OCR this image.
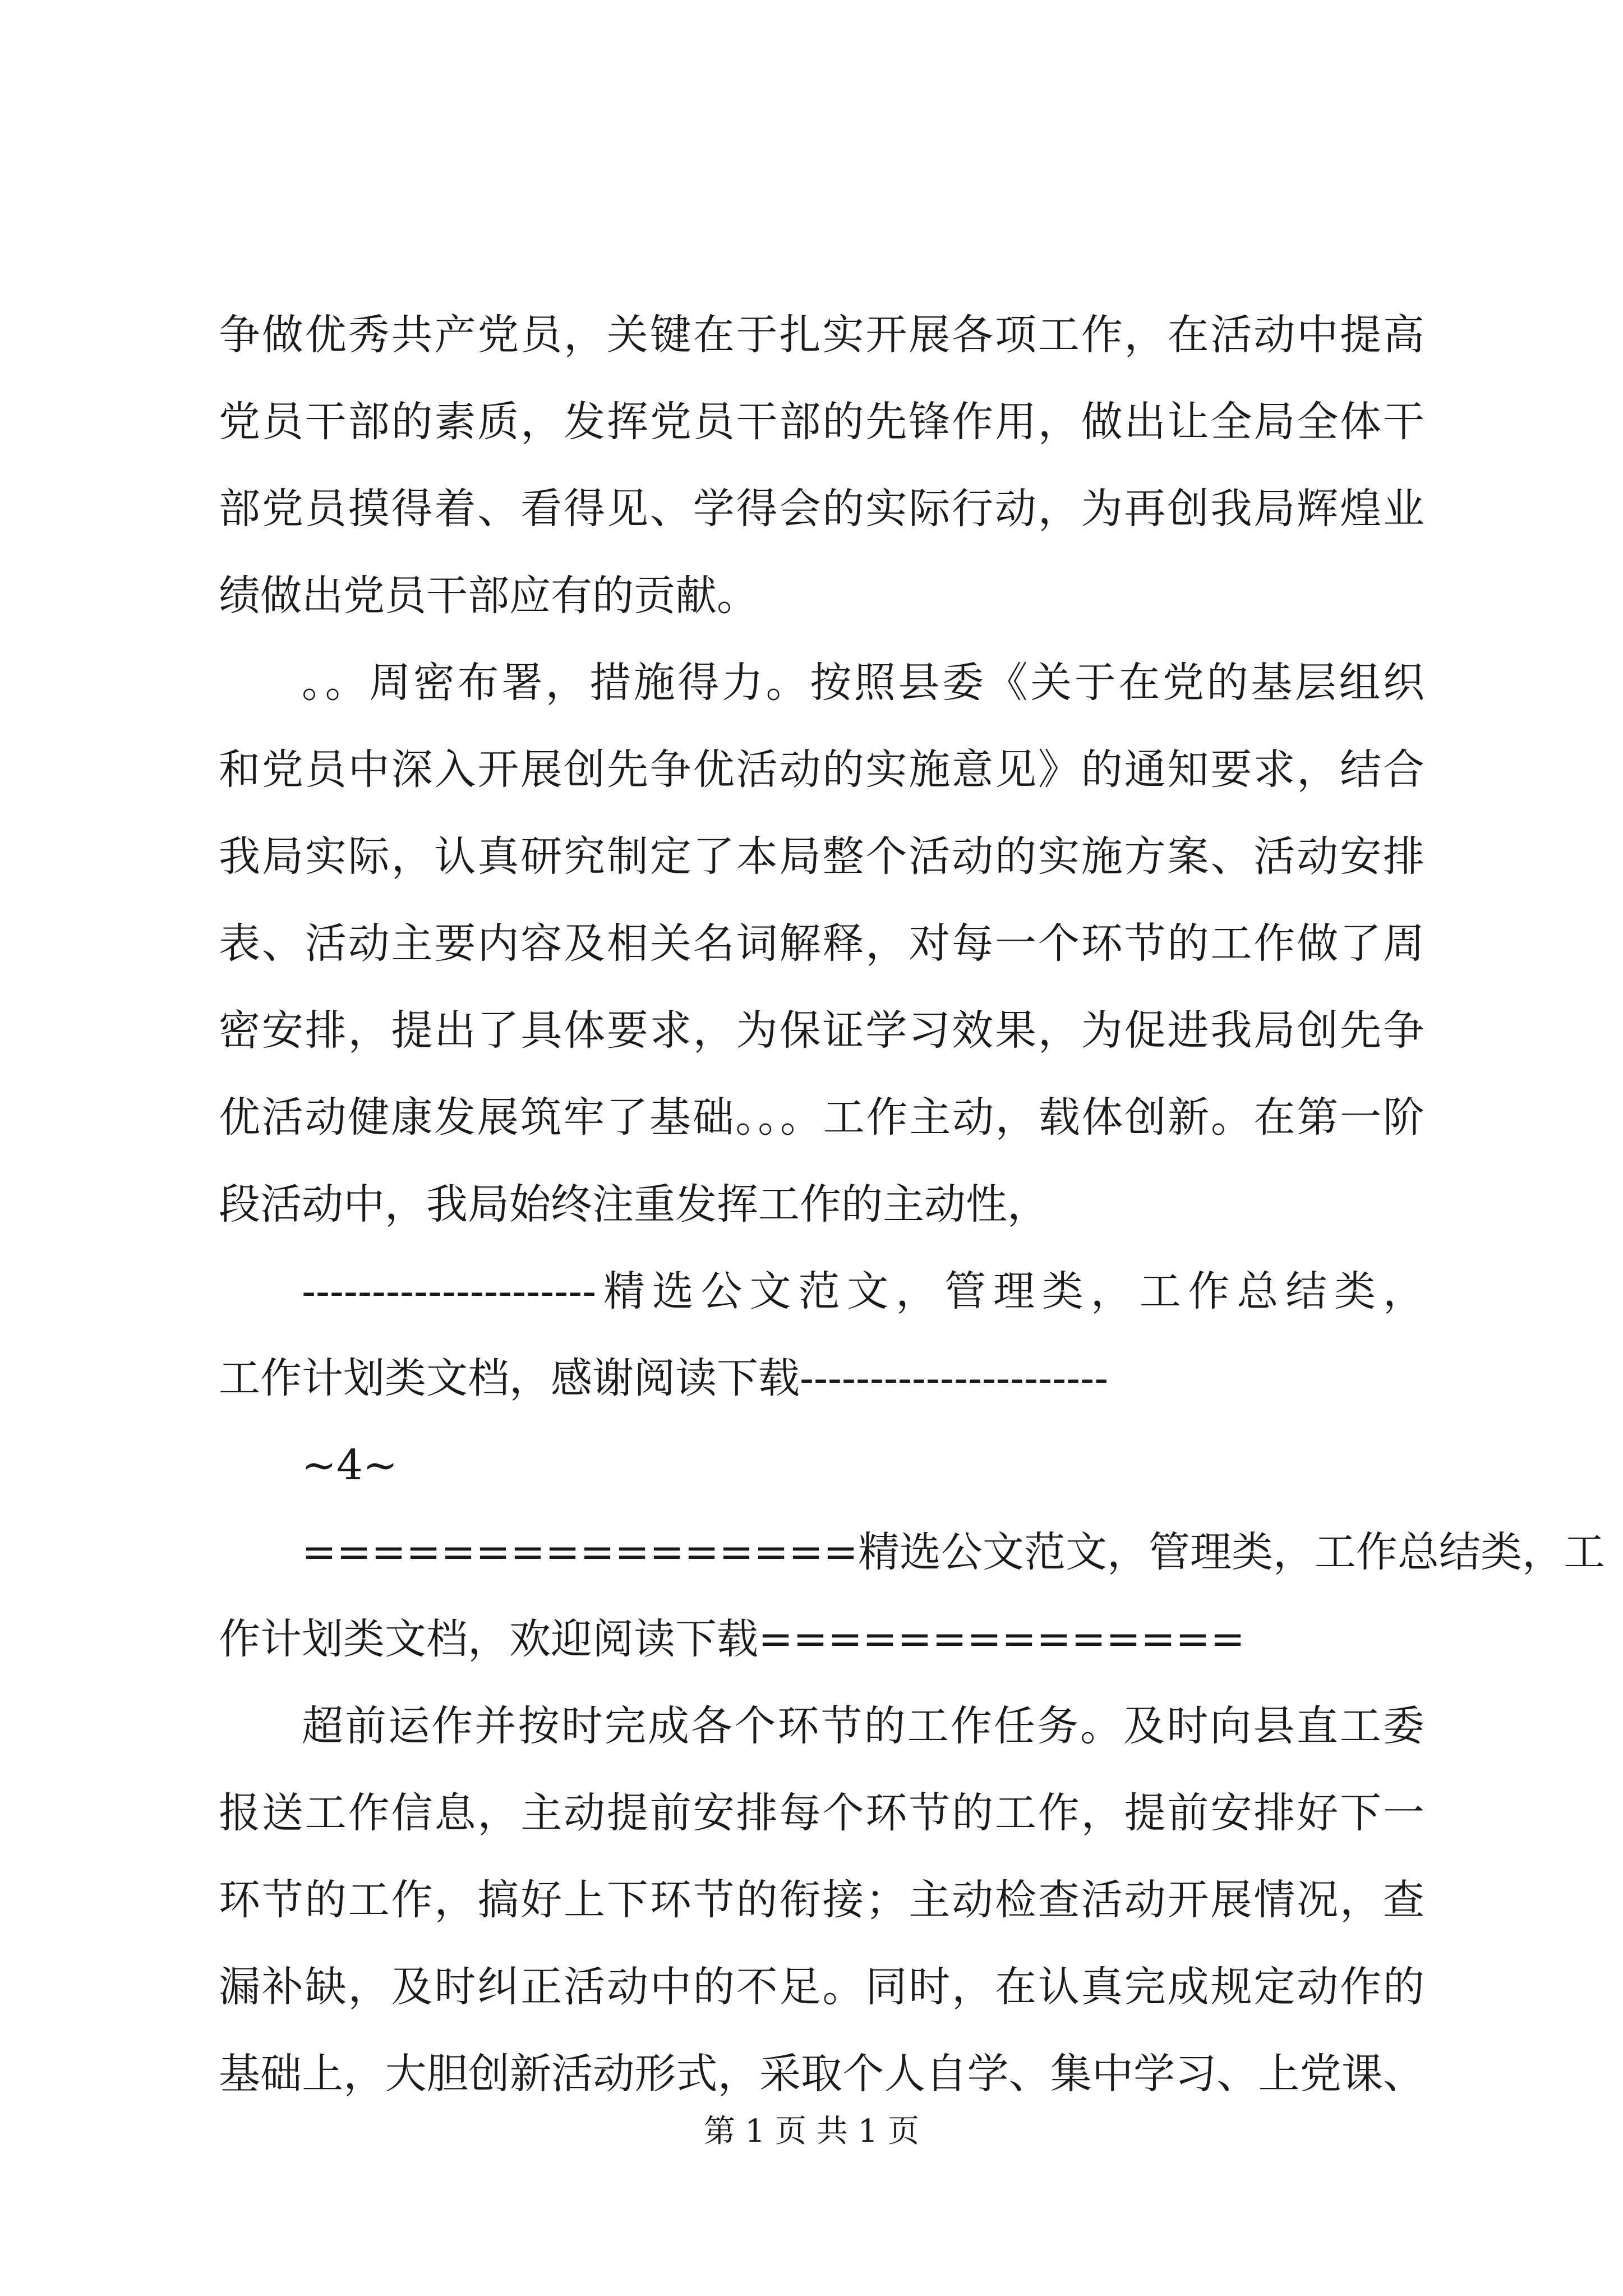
争做优秀共产党员，关键在于扎实开展各项工作，在活动中提高
党员干部的素质，发挥党员干部的先锋作用，做出让全局全体干
部党员摸得着、看得见、学得会的实际行动，为再创我局辉煌业
绩做出党员干部应有的贡献。
。。周密布署，措施得力。按照县委《关于在党的基层组织
和党员中深入开展创先争优活动的实施意见》的通知要求，结合
我局实际，认真研究制定了本局整个活动的实施方案、活动安排
表、活动主要内容及相关名词解释，对每一个环节的工作做了周
密安排，提出了具体要求，为保证学习效果，为促进我局创先争
优活动健康发展筑牢了基础。。。工作主动，载体创新。在第一阶
段活动中，我局始终注重发挥工作的主动性，
---------------------精选公文范文，管理类，工作总结类，
工作计划类文档，感谢阅读下载----------------------
~4~
================精选公文范文，管理类，工作总结类，工
作计划类文档，欢迎阅读下载==============
超前运作并按时完成各个环节的工作任务。及时向县直工委
报送工作信息，主动提前安排每个环节的工作，提前安排好下一
环节的工作，搞好上下环节的衔接；主动检查活动开展情况，查
漏补缺，及时纠正活动中的不足。同时，在认真完成规定动作的
基础上，大胆创新活动形式，采取个人自学、集中学习、上党课、
第 1 页 共 1 页
